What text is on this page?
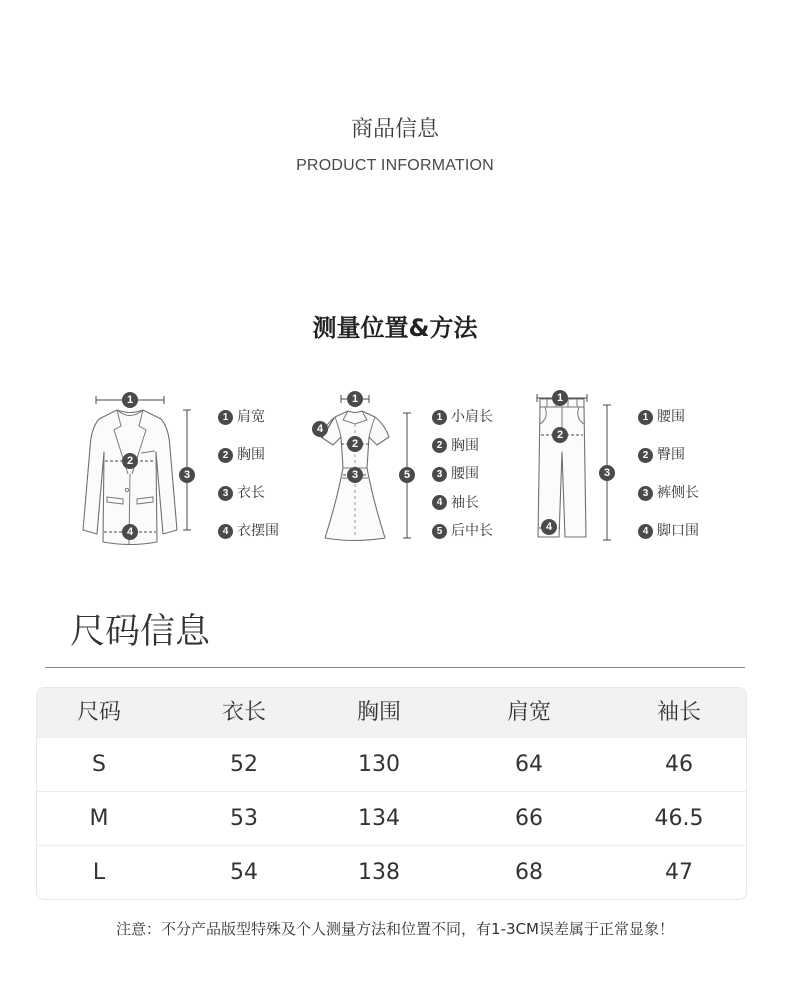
商品信息
PRODUCT INFORMATION
测量位置&方法
1
2
3
4
1
2
3
4
5
1
2
3
4
1 肩宽
2 胸围
3 衣长
4 衣摆围
1 小肩长
2 胸围
3 腰围
4 袖长
5 后中长
1 腰围
2 臀围
3 裤侧长
4 脚口围
尺码信息
尺码	衣长	胸围	肩宽	袖长
S	52	130	64	46
M	53	134	66	46.5
L	54	138	68	47
注意：不分产品版型特殊及个人测量方法和位置不同，有1-3CM误差属于正常显象！
